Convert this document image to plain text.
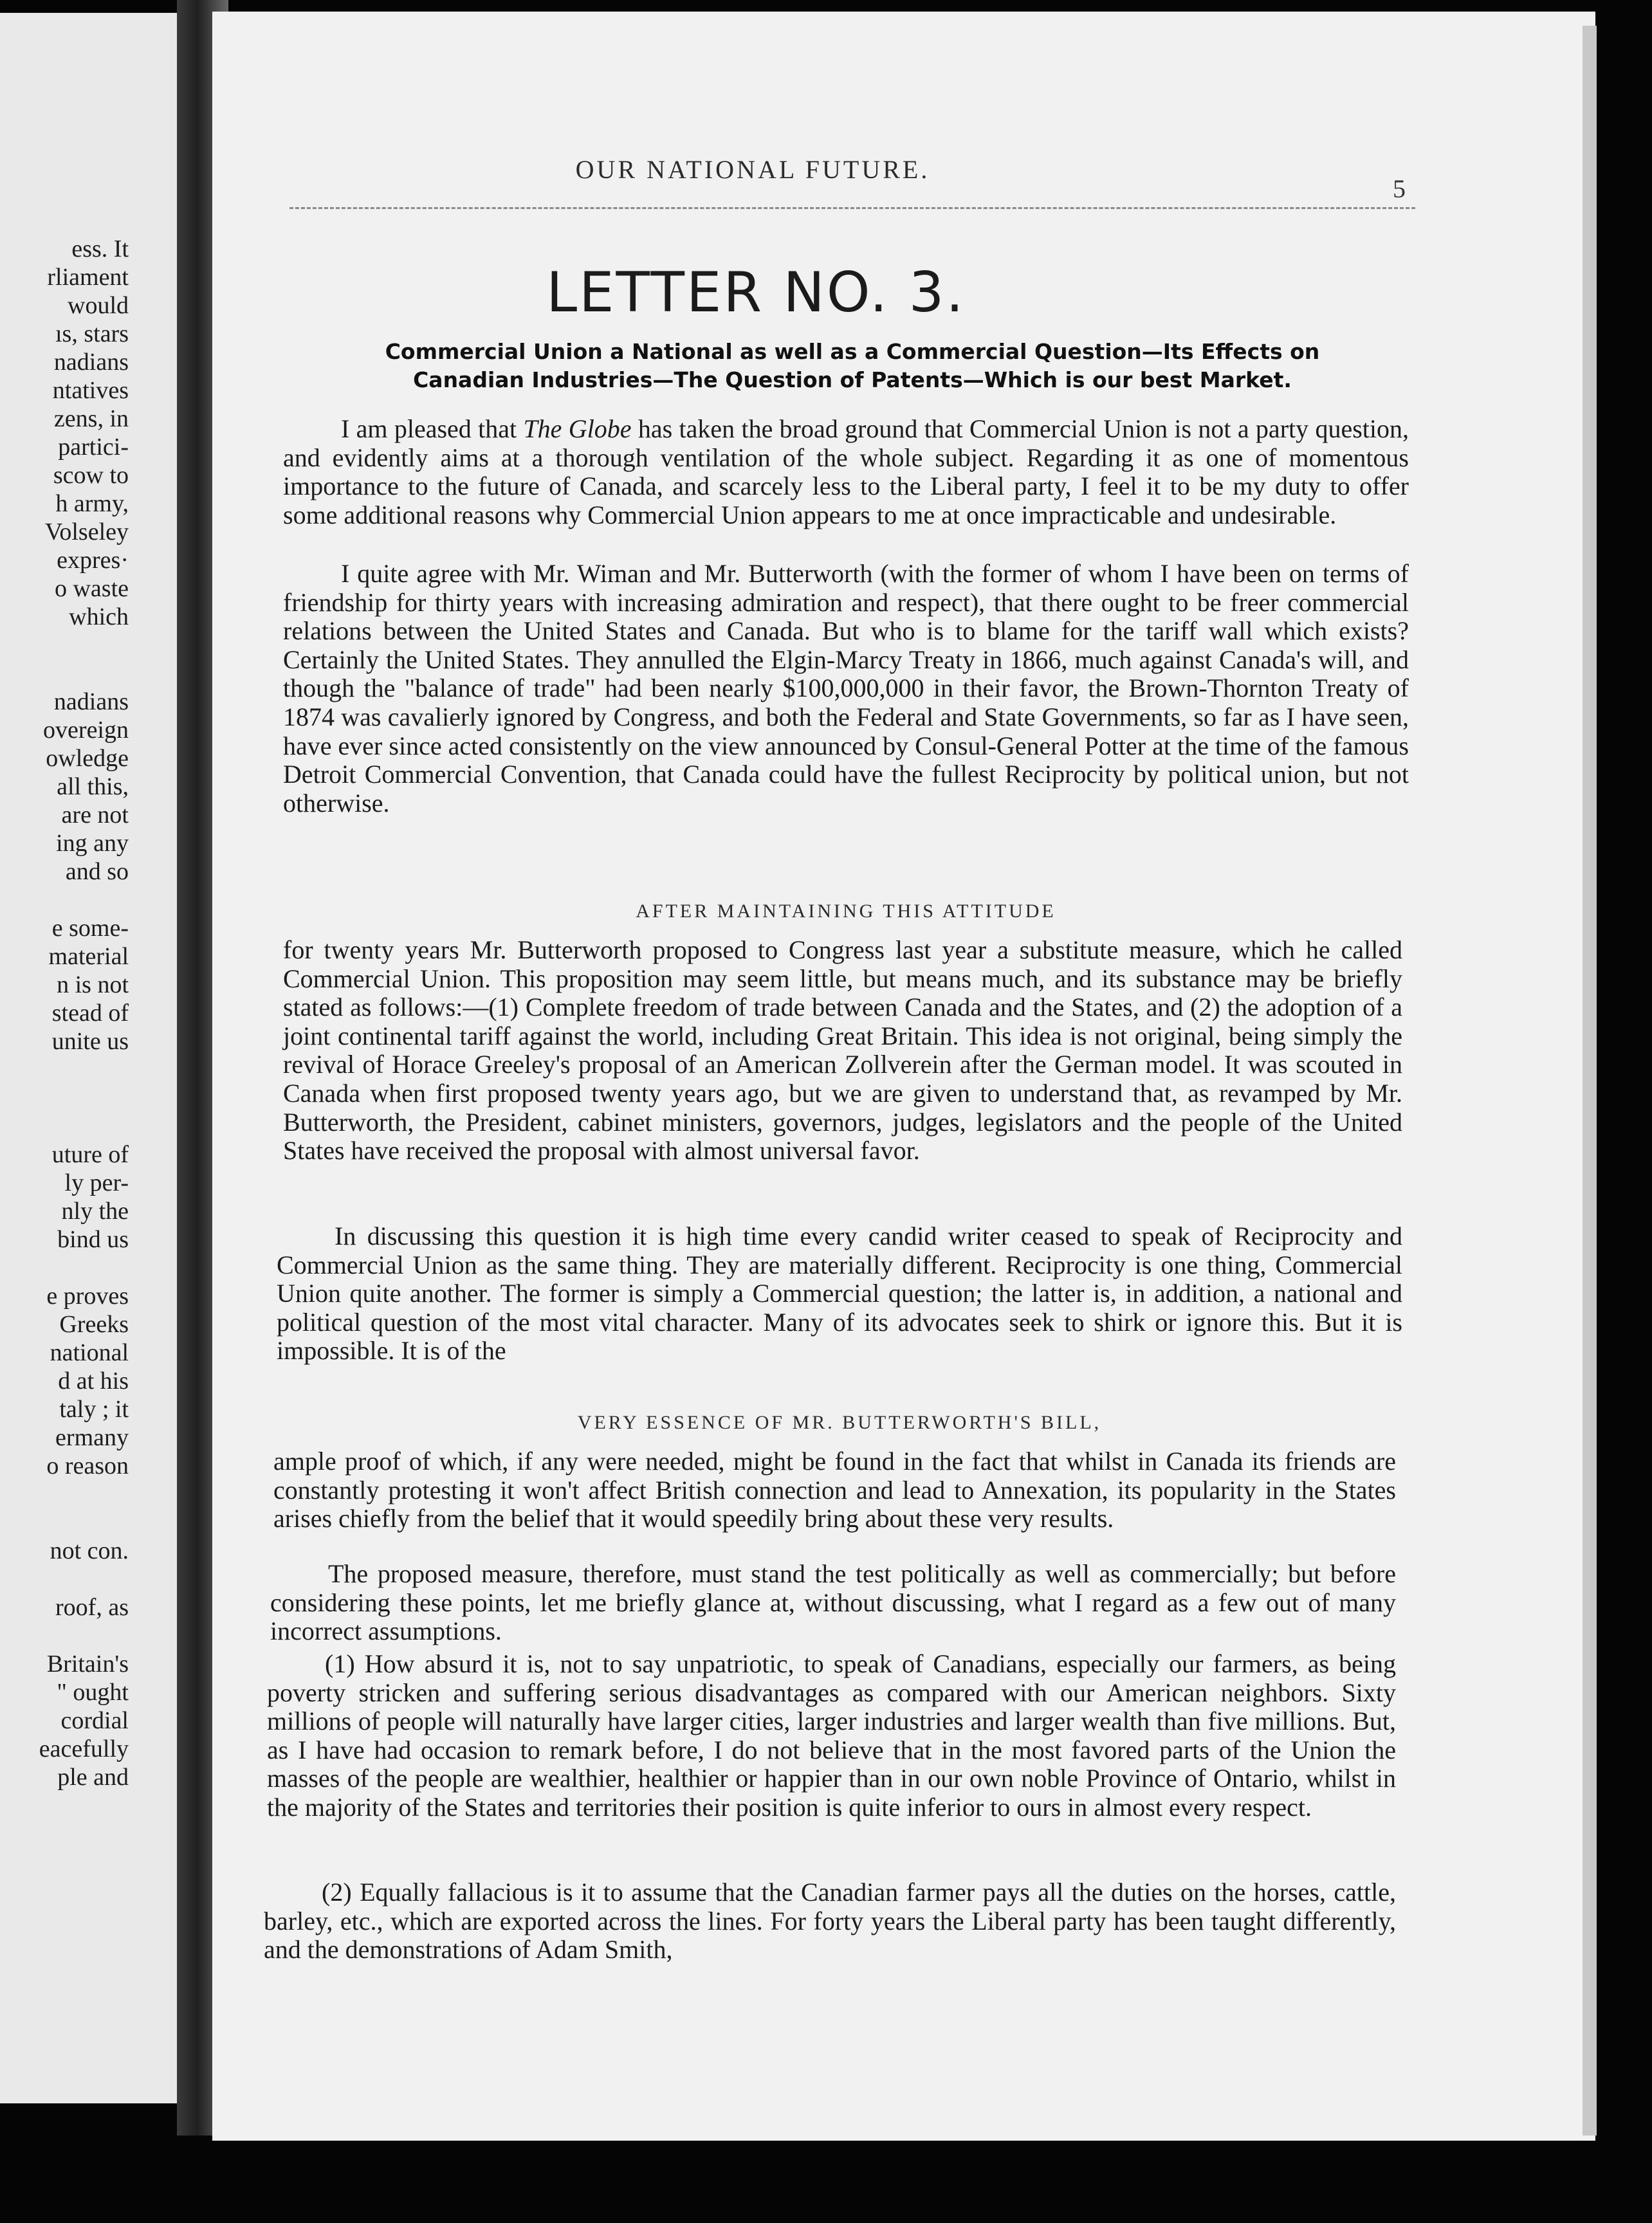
ess. It
rliament
would
ıs, stars
nadians
ntatives
zens, in
partici-
scow to
h army,
Volseley
expres·
o waste
which
nadians
overeign
owledge
all this,
are not
ing any
and so
e some-
material
n is not
stead of
unite us
uture of
ly per-
nly the
bind us
e proves
Greeks
national
d at his
taly ; it
ermany
o reason
not con.
roof, as
Britain's
" ought
cordial
eacefully
ple and
OUR NATIONAL FUTURE.
5
LETTER NO. 3.
Commercial Union a National as well as a Commercial Question—Its Effects on
Canadian Industries—The Question of Patents—Which is our best Market.
I am pleased that The Globe has taken the broad ground that Commercial Union is not a party question, and evidently aims at a thorough ventilation of the whole subject. Regarding it as one of momentous importance to the future of Canada, and scarcely less to the Liberal party, I feel it to be my duty to offer some additional reasons why Commercial Union appears to me at once impracticable and undesirable.
I quite agree with Mr. Wiman and Mr. Butterworth (with the former of whom I have been on terms of friendship for thirty years with increasing admiration and respect), that there ought to be freer commercial relations between the United States and Canada. But who is to blame for the tariff wall which exists? Certainly the United States. They annulled the Elgin-Marcy Treaty in 1866, much against Canada's will, and though the "balance of trade" had been nearly $100,000,000 in their favor, the Brown-Thornton Treaty of 1874 was cavalierly ignored by Congress, and both the Federal and State Governments, so far as I have seen, have ever since acted consistently on the view announced by Consul-General Potter at the time of the famous Detroit Commercial Convention, that Canada could have the fullest Reciprocity by political union, but not otherwise.
AFTER MAINTAINING THIS ATTITUDE
for twenty years Mr. Butterworth proposed to Congress last year a substitute measure, which he called Commercial Union. This proposition may seem little, but means much, and its substance may be briefly stated as follows:—(1) Complete freedom of trade between Canada and the States, and (2) the adoption of a joint continental tariff against the world, including Great Britain. This idea is not original, being simply the revival of Horace Greeley's proposal of an American Zollverein after the German model. It was scouted in Canada when first proposed twenty years ago, but we are given to understand that, as revamped by Mr. Butterworth, the President, cabinet ministers, governors, judges, legislators and the people of the United States have received the proposal with almost universal favor.
In discussing this question it is high time every candid writer ceased to speak of Reciprocity and Commercial Union as the same thing. They are materially different. Reciprocity is one thing, Commercial Union quite another. The former is simply a Commercial question; the latter is, in addition, a national and political question of the most vital character. Many of its advocates seek to shirk or ignore this. But it is impossible. It is of the
VERY ESSENCE OF MR. BUTTERWORTH'S BILL,
ample proof of which, if any were needed, might be found in the fact that whilst in Canada its friends are constantly protesting it won't affect British connection and lead to Annexation, its popularity in the States arises chiefly from the belief that it would speedily bring about these very results.
The proposed measure, therefore, must stand the test politically as well as commercially; but before considering these points, let me briefly glance at, without discussing, what I regard as a few out of many incorrect assumptions.
(1) How absurd it is, not to say unpatriotic, to speak of Canadians, especially our farmers, as being poverty stricken and suffering serious disadvantages as compared with our American neighbors. Sixty millions of people will naturally have larger cities, larger industries and larger wealth than five millions. But, as I have had occasion to remark before, I do not believe that in the most favored parts of the Union the masses of the people are wealthier, healthier or happier than in our own noble Province of Ontario, whilst in the majority of the States and territories their position is quite inferior to ours in almost every respect.
(2) Equally fallacious is it to assume that the Canadian farmer pays all the duties on the horses, cattle, barley, etc., which are exported across the lines. For forty years the Liberal party has been taught differently, and the demonstrations of Adam Smith,
